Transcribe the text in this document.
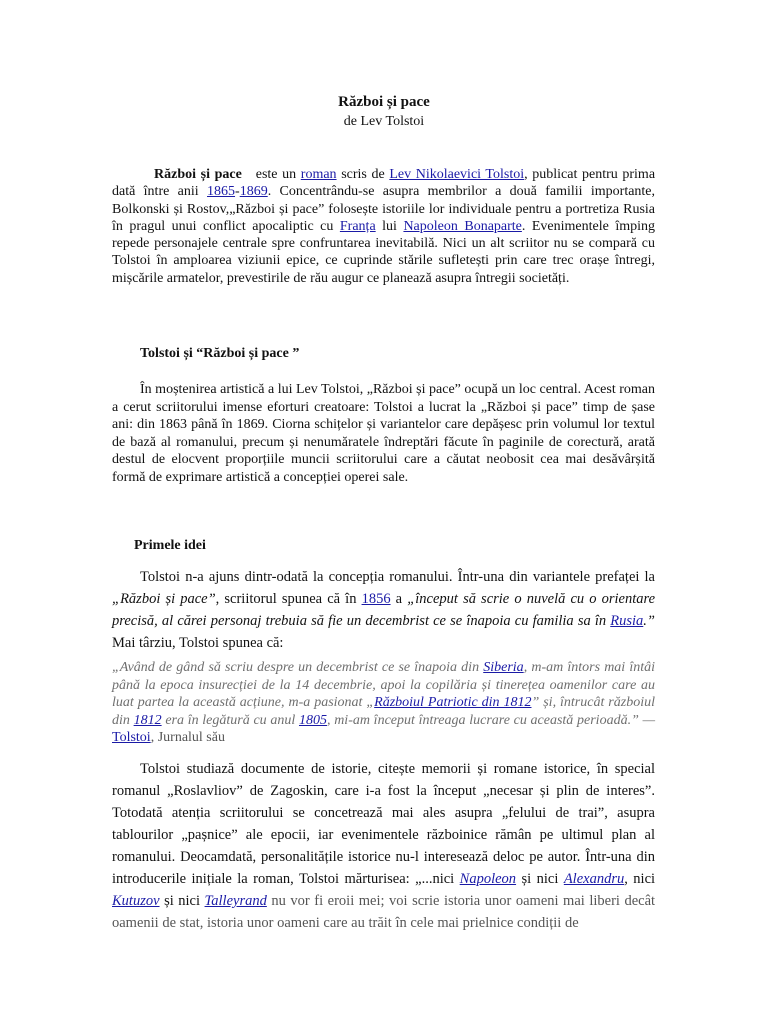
Război și pace
de Lev Tolstoi

Război și pace este un roman scris de Lev Nikolaevici Tolstoi, publicat pentru prima dată între anii 1865-1869. Concentrându-se asupra membrilor a două familii importante, Bolkonski și Rostov,„Război și pace” folosește istoriile lor individuale pentru a portretiza Rusia în pragul unui conflict apocaliptic cu Franța lui Napoleon Bonaparte. Evenimentele împing repede personajele centrale spre confruntarea inevitabilă. Nici un alt scriitor nu se compară cu Tolstoi în amploarea viziunii epice, ce cuprinde stările sufletești prin care trec orașe întregi, mișcările armatelor, prevestirile de rău augur ce planează asupra întregii societăți.

Tolstoi și “Război și pace ”

În moștenirea artistică a lui Lev Tolstoi, „Război și pace” ocupă un loc central. Acest roman a cerut scriitorului imense eforturi creatoare: Tolstoi a lucrat la „Război și pace” timp de șase ani: din 1863 până în 1869. Ciorna schițelor și variantelor care depășesc prin volumul lor textul de bază al romanului, precum și nenumăratele îndreptări făcute în paginile de corectură, arată destul de elocvent proporțiile muncii scriitorului care a căutat neobosit cea mai desăvârșită formă de exprimare artistică a concepției operei sale.

Primele idei

Tolstoi n-a ajuns dintr-odată la concepția romanului. Într-una din variantele prefaței la „Război și pace”, scriitorul spunea că în 1856 a „început să scrie o nuvelă cu o orientare precisă, al cărei personaj trebuia să fie un decembrist ce se înapoia cu familia sa în Rusia.” Mai târziu, Tolstoi spunea că:

„Având de gând să scriu despre un decembrist ce se înapoia din Siberia, m-am întors mai întâi până la epoca insurecției de la 14 decembrie, apoi la copilăria și tinerețea oamenilor care au luat partea la această acțiune, m-a pasionat „Războiul Patriotic din 1812” și, întrucât războiul din 1812 era în legătură cu anul 1805, mi-am început întreaga lucrare cu această perioadă.” —Tolstoi, Jurnalul său

Tolstoi studiază documente de istorie, citește memorii și romane istorice, în special romanul „Roslavliov” de Zagoskin, care i-a fost la început „necesar și plin de interes”. Totodată atenția scriitorului se concetrează mai ales asupra „felului de trai”, asupra tablourilor „pașnice” ale epocii, iar evenimentele războinice rămân pe ultimul plan al romanului. Deocamdată, personalitățile istorice nu-l interesează deloc pe autor. Într-una din introducerile inițiale la roman, Tolstoi mărturisea: „...nici Napoleon și nici Alexandru, nici Kutuzov și nici Talleyrand nu vor fi eroii mei; voi scrie istoria unor oameni mai liberi decât oamenii de stat, istoria unor oameni care au trăit în cele mai prielnice condiții de
